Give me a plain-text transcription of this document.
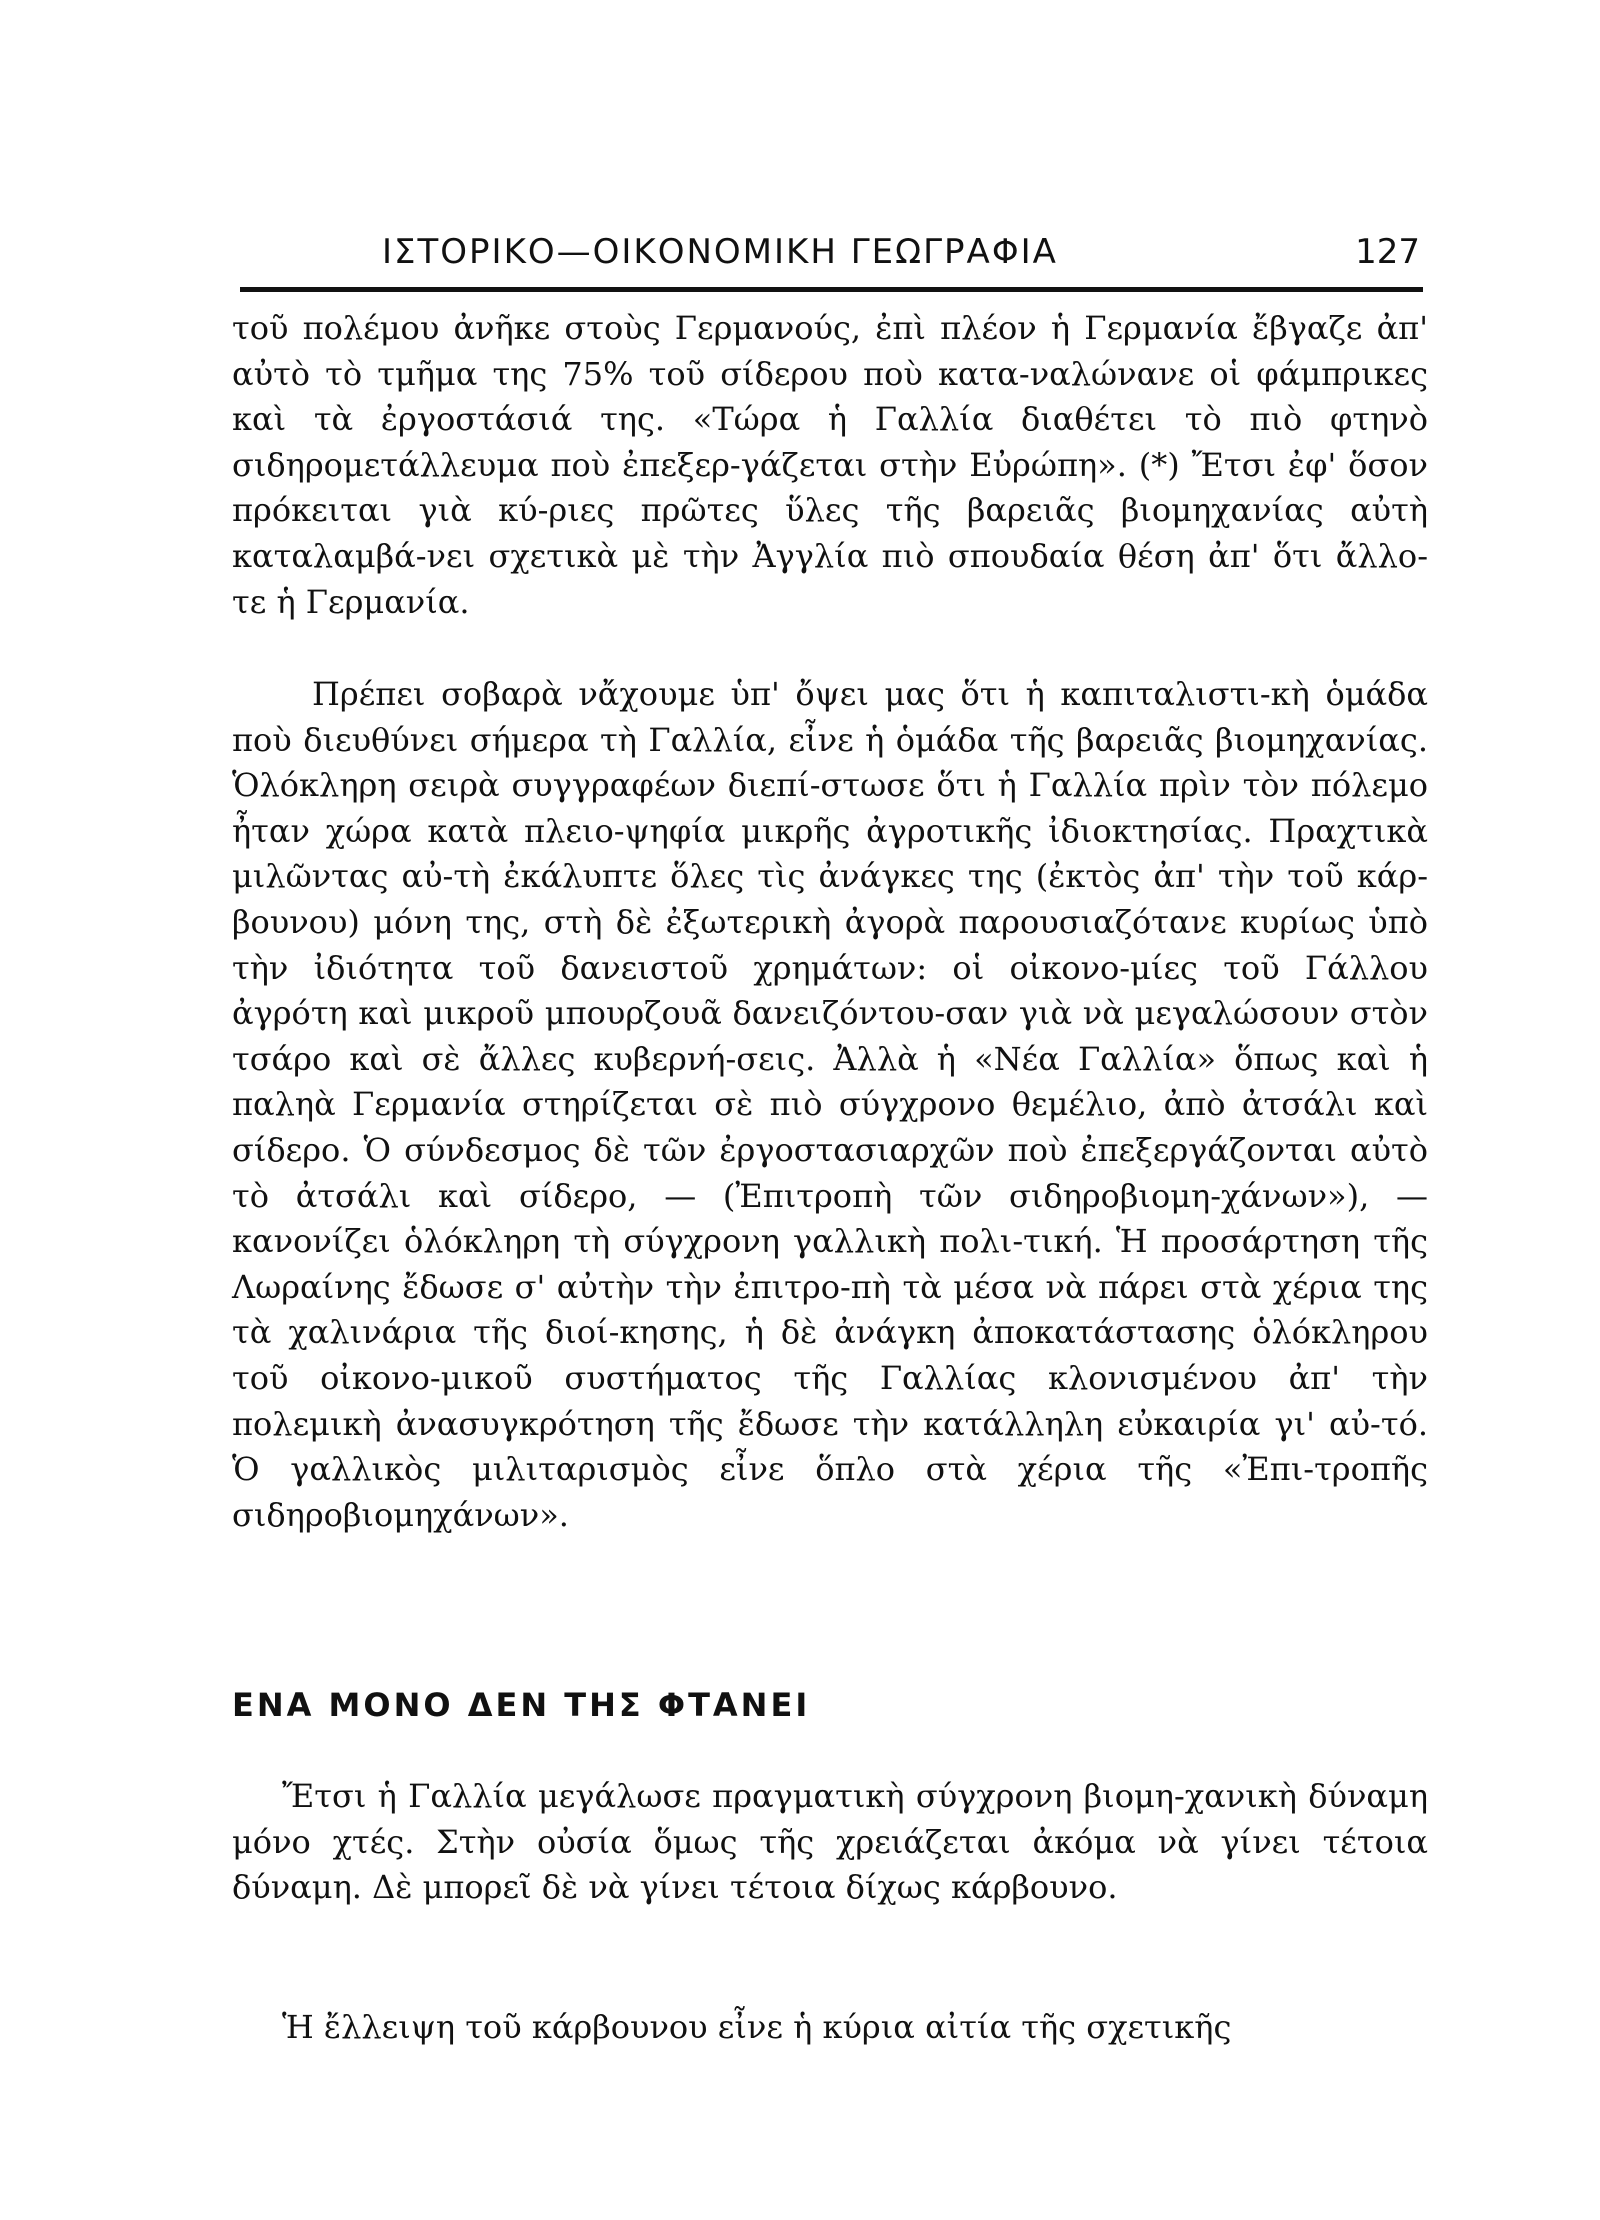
ΙΣΤΟΡΙΚΟ—ΟΙΚΟΝΟΜΙΚΗ ΓΕΩΓΡΑΦΙΑ	127

τοῦ πολέμου ἀνῆκε στοὺς Γερμανούς, ἐπὶ πλέον ἡ Γερμανία ἔβγαζε ἀπ' αὐτὸ τὸ τμῆμα της 75% τοῦ σίδερου ποὺ κατα-ναλώνανε οἱ φάμπρικες καὶ τὰ ἐργοστάσιά της. «Τώρα ἡ Γαλλία διαθέτει τὸ πιὸ φτηνὸ σιδηρομετάλλευμα ποὺ ἐπεξερ-γάζεται στὴν Εὐρώπη». (*) Ἔτσι ἐφ' ὅσον πρόκειται γιὰ κύ-ριες πρῶτες ὕλες τῆς βαρειᾶς βιομηχανίας αὐτὴ καταλαμβά-νει σχετικὰ μὲ τὴν Ἀγγλία πιὸ σπουδαία θέση ἀπ' ὅτι ἄλλο-τε ἡ Γερμανία.

Πρέπει σοβαρὰ νἄχουμε ὑπ' ὄψει μας ὅτι ἡ καπιταλιστι-κὴ ὁμάδα ποὺ διευθύνει σήμερα τὴ Γαλλία, εἶνε ἡ ὁμάδα τῆς βαρειᾶς βιομηχανίας. Ὁλόκληρη σειρὰ συγγραφέων διεπί-στωσε ὅτι ἡ Γαλλία πρὶν τὸν πόλεμο ἦταν χώρα κατὰ πλειο-ψηφία μικρῆς ἀγροτικῆς ἰδιοκτησίας. Πραχτικὰ μιλῶντας αὐ-τὴ ἐκάλυπτε ὅλες τὶς ἀνάγκες της (ἐκτὸς ἀπ' τὴν τοῦ κάρ-βουνου) μόνη της, στὴ δὲ ἐξωτερικὴ ἀγορὰ παρουσιαζότανε κυρίως ὑπὸ τὴν ἰδιότητα τοῦ δανειστοῦ χρημάτων: οἱ οἰκονο-μίες τοῦ Γάλλου ἀγρότη καὶ μικροῦ μπουρζουᾶ δανειζόντου-σαν γιὰ νὰ μεγαλώσουν στὸν τσάρο καὶ σὲ ἄλλες κυβερνή-σεις. Ἀλλὰ ἡ «Νέα Γαλλία» ὅπως καὶ ἡ παληὰ Γερμανία στηρίζεται σὲ πιὸ σύγχρονο θεμέλιο, ἀπὸ ἀτσάλι καὶ σίδερο. Ὁ σύνδεσμος δὲ τῶν ἐργοστασιαρχῶν ποὺ ἐπεξεργάζονται αὐτὸ τὸ ἀτσάλι καὶ σίδερο, — (Ἐπιτροπὴ τῶν σιδηροβιομη-χάνων»), — κανονίζει ὁλόκληρη τὴ σύγχρονη γαλλικὴ πολι-τική. Ἡ προσάρτηση τῆς Λωραίνης ἔδωσε σ' αὐτὴν τὴν ἐπιτρο-πὴ τὰ μέσα νὰ πάρει στὰ χέρια της τὰ χαλινάρια τῆς διοί-κησης, ἡ δὲ ἀνάγκη ἀποκατάστασης ὁλόκληρου τοῦ οἰκονο-μικοῦ συστήματος τῆς Γαλλίας κλονισμένου ἀπ' τὴν πολεμικὴ ἀνασυγκρότηση τῆς ἔδωσε τὴν κατάλληλη εὐκαιρία γι' αὐ-τό. Ὁ γαλλικὸς μιλιταρισμὸς εἶνε ὅπλο στὰ χέρια τῆς «Ἐπι-τροπῆς σιδηροβιομηχάνων».

ΕΝΑ ΜΟΝΟ ΔΕΝ ΤΗΣ ΦΤΑΝΕΙ

Ἔτσι ἡ Γαλλία μεγάλωσε πραγματικὴ σύγχρονη βιομη-χανικὴ δύναμη μόνο χτές. Στὴν οὐσία ὅμως τῆς χρειάζεται ἀκόμα νὰ γίνει τέτοια δύναμη. Δὲ μπορεῖ δὲ νὰ γίνει τέτοια δίχως κάρβουνο.

Ἡ ἔλλειψη τοῦ κάρβουνου εἶνε ἡ κύρια αἰτία τῆς σχετικῆς
